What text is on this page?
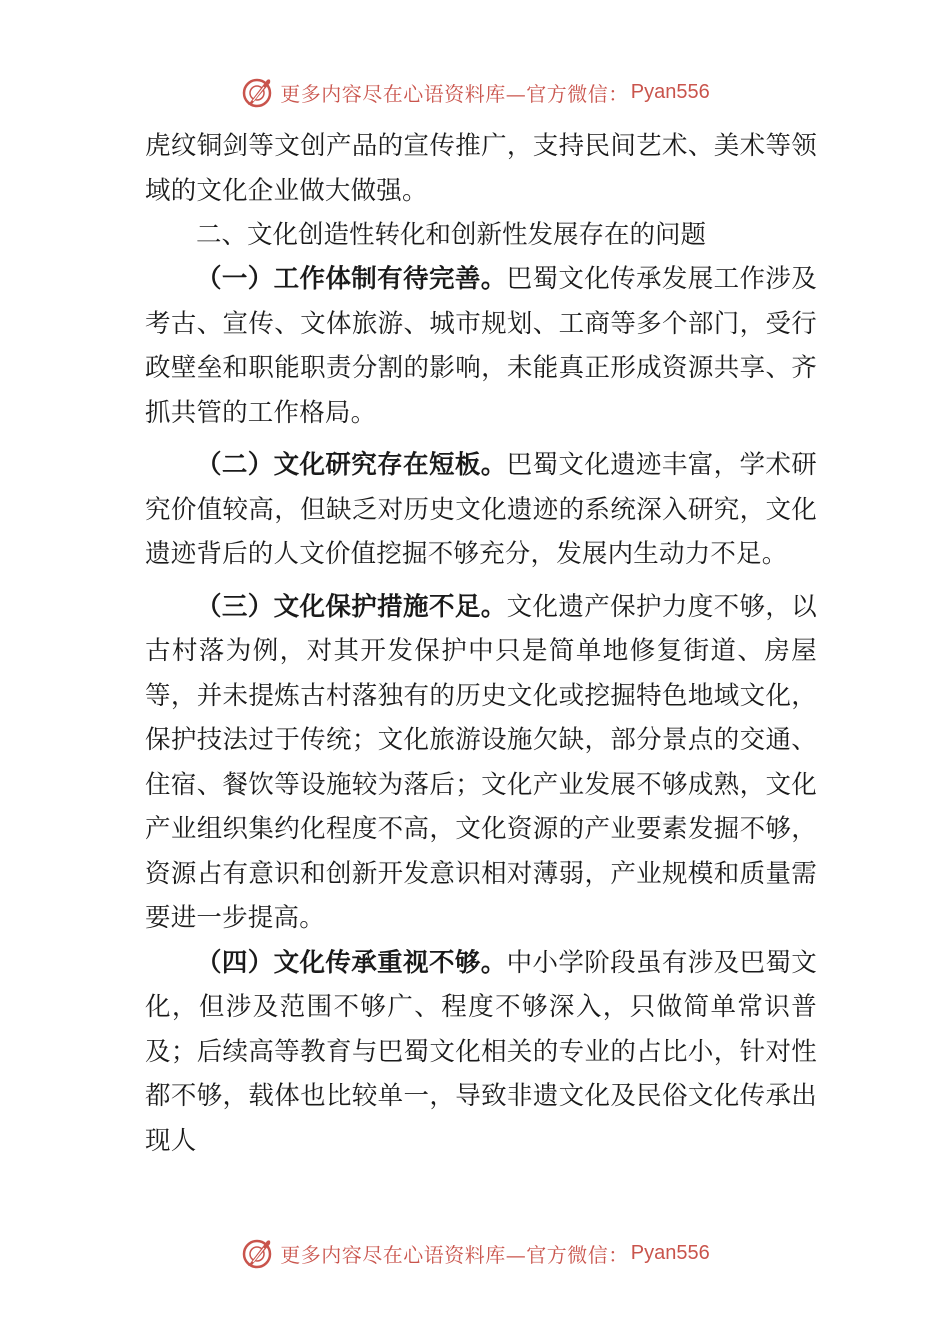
更多内容尽在心语资料库—官方微信： Pyan556

虎纹铜剑等文创产品的宣传推广，支持民间艺术、美术等领域的文化企业做大做强。

二、文化创造性转化和创新性发展存在的问题

（一）工作体制有待完善。巴蜀文化传承发展工作涉及考古、宣传、文体旅游、城市规划、工商等多个部门，受行政壁垒和职能职责分割的影响，未能真正形成资源共享、齐抓共管的工作格局。

（二）文化研究存在短板。巴蜀文化遗迹丰富，学术研究价值较高，但缺乏对历史文化遗迹的系统深入研究，文化遗迹背后的人文价值挖掘不够充分，发展内生动力不足。

（三）文化保护措施不足。文化遗产保护力度不够，以古村落为例，对其开发保护中只是简单地修复街道、房屋等，并未提炼古村落独有的历史文化或挖掘特色地域文化，保护技法过于传统；文化旅游设施欠缺，部分景点的交通、住宿、餐饮等设施较为落后；文化产业发展不够成熟，文化产业组织集约化程度不高，文化资源的产业要素发掘不够，资源占有意识和创新开发意识相对薄弱，产业规模和质量需要进一步提高。

（四）文化传承重视不够。中小学阶段虽有涉及巴蜀文化，但涉及范围不够广、程度不够深入，只做简单常识普及；后续高等教育与巴蜀文化相关的专业的占比小，针对性都不够，载体也比较单一，导致非遗文化及民俗文化传承出现人

更多内容尽在心语资料库—官方微信： Pyan556
